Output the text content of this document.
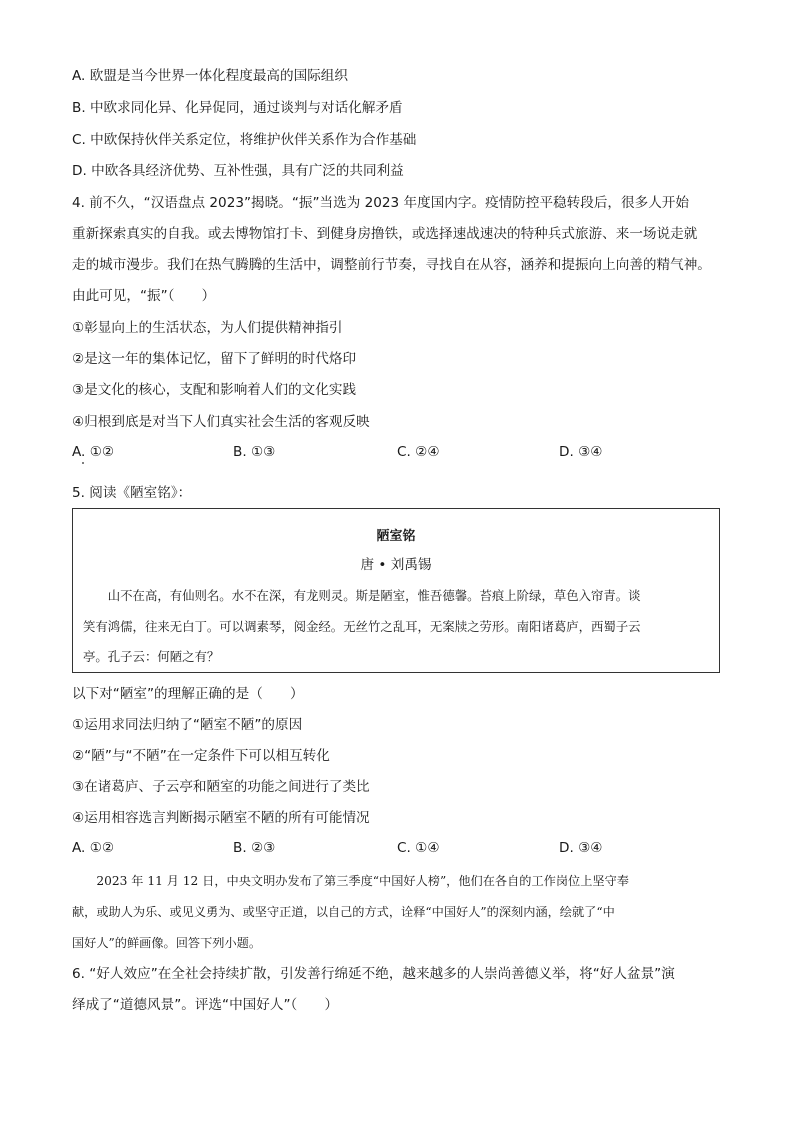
A. 欧盟是当今世界一体化程度最高的国际组织
B. 中欧求同化异、化异促同，通过谈判与对话化解矛盾
C. 中欧保持伙伴关系定位，将维护伙伴关系作为合作基础
D. 中欧各具经济优势、互补性强，具有广泛的共同利益
4. 前不久，“汉语盘点 2023”揭晓。“振”当选为 2023 年度国内字。疫情防控平稳转段后，很多人开始
重新探索真实的自我。或去博物馆打卡、到健身房撸铁，或选择速战速决的特种兵式旅游、来一场说走就
走的城市漫步。我们在热气腾腾的生活中，调整前行节奏，寻找自在从容，涵养和提振向上向善的精气神。
由此可见，“振”（　　）
①彰显向上的生活状态，为人们提供精神指引
②是这一年的集体记忆，留下了鲜明的时代烙印
③是文化的核心，支配和影响着人们的文化实践
④归根到底是对当下人们真实社会生活的客观反映
A. ①②	B. ①③	C. ②④	D. ③④
5. 阅读《陋室铭》：
陋室铭
唐 • 刘禹锡
　　山不在高，有仙则名。水不在深，有龙则灵。斯是陋室，惟吾德馨。苔痕上阶绿，草色入帘青。谈
笑有鸿儒，往来无白丁。可以调素琴，阅金经。无丝竹之乱耳，无案牍之劳形。南阳诸葛庐，西蜀子云
亭。孔子云：何陋之有？
以下对“陋室”的理解正确的是（　　）
①运用求同法归纳了“陋室不陋”的原因
②“陋”与“不陋”在一定条件下可以相互转化
③在诸葛庐、子云亭和陋室的功能之间进行了类比
④运用相容选言判断揭示陋室不陋的所有可能情况
A. ①②	B. ②③	C. ①④	D. ③④
　　2023 年 11 月 12 日，中央文明办发布了第三季度“中国好人榜”，他们在各自的工作岗位上坚守奉
献，或助人为乐、或见义勇为、或坚守正道，以自己的方式，诠释“中国好人”的深刻内涵，绘就了“中
国好人”的鲜画像。回答下列小题。
6. “好人效应”在全社会持续扩散，引发善行绵延不绝，越来越多的人崇尚善德义举，将“好人盆景”演
绎成了“道德风景”。评选“中国好人”（　　）
